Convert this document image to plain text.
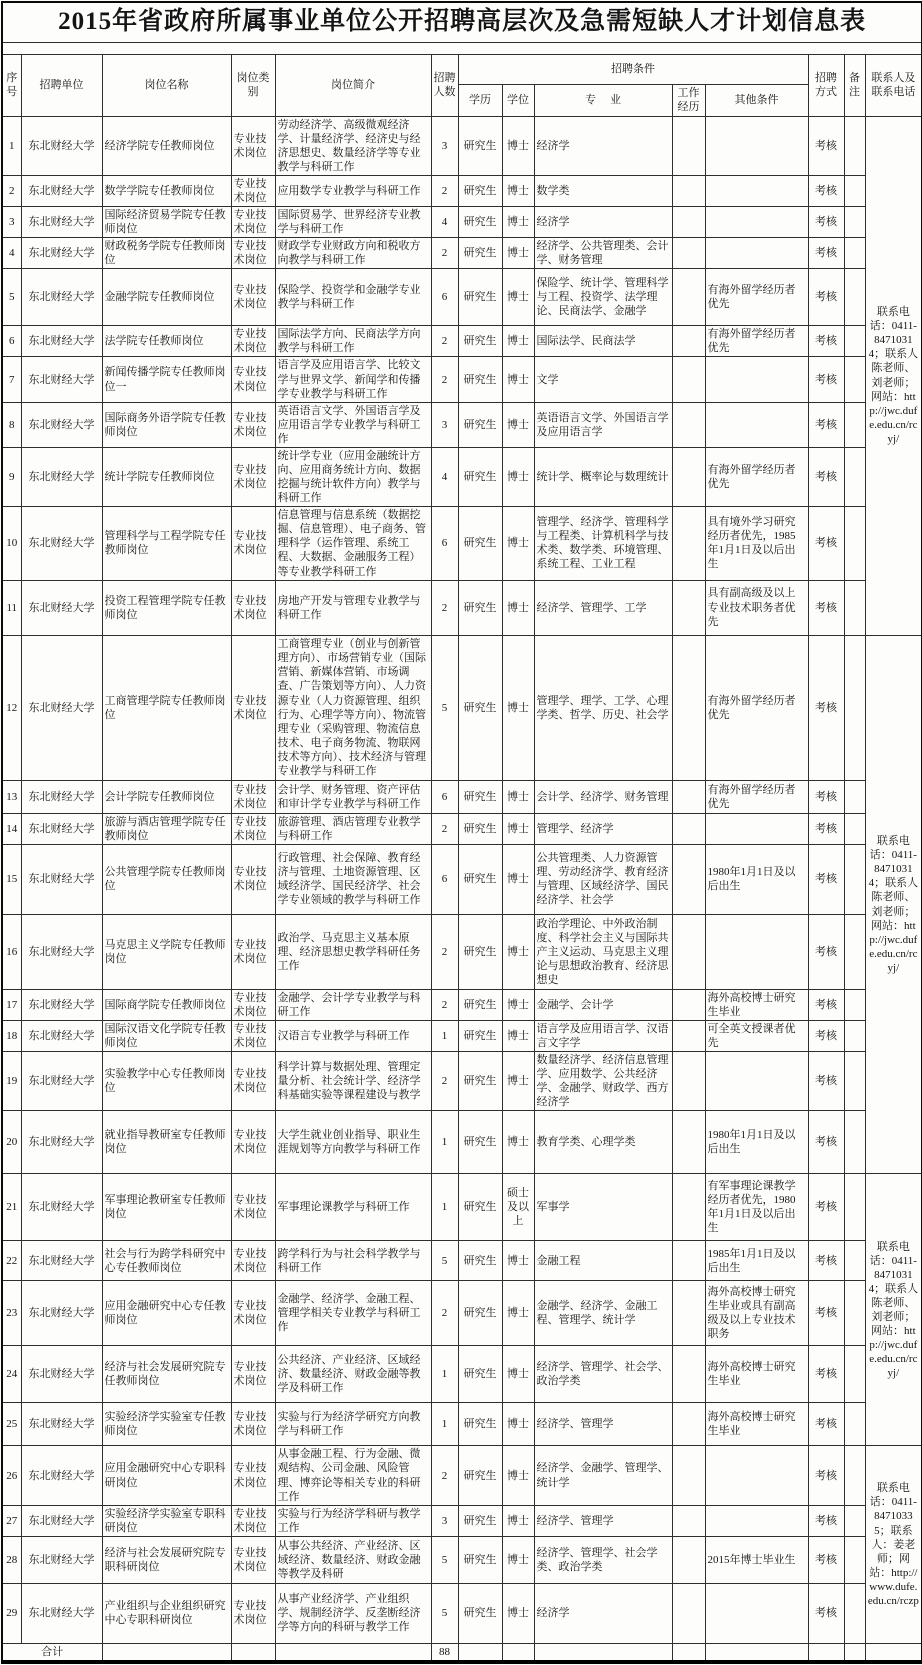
2015年省政府所属事业单位公开招聘高层次及急需短缺人才计划信息表													

序号	招聘单位	岗位名称	岗位类别	岗位简介	招聘人数	招聘条件					招聘方式	备注	联系人及联系电话
						学历	学位	专业	工作经历	其他条件			
1	东北财经大学	经济学院专任教师岗位	专业技术岗位	劳动经济学、高级微观经济学、计量经济学、经济史与经济思想史、数量经济学等专业教学与科研工作	3	研究生	博士	经济学			考核		联系电话：0411-84710314；联系人 陈老师、刘老师；网站：http://jwc.dufe.edu.cn/rcyj/
2	东北财经大学	数学学院专任教师岗位	专业技术岗位	应用数学专业教学与科研工作	2	研究生	博士	数学类			考核		
3	东北财经大学	国际经济贸易学院专任教师岗位	专业技术岗位	国际贸易学、世界经济专业教学与科研工作	4	研究生	博士	经济学			考核		
4	东北财经大学	财政税务学院专任教师岗位	专业技术岗位	财政学专业财政方向和税收方向教学与科研工作	2	研究生	博士	经济学、公共管理类、会计学、财务管理			考核		
5	东北财经大学	金融学院专任教师岗位	专业技术岗位	保险学、投资学和金融学专业教学与科研工作	6	研究生	博士	保险学、统计学、管理科学与工程、投资学、法学理论、民商法学、金融学		有海外留学经历者优先	考核		
6	东北财经大学	法学院专任教师岗位	专业技术岗位	国际法学方向、民商法学方向教学与科研工作	2	研究生	博士	国际法学、民商法学		有海外留学经历者优先	考核		
7	东北财经大学	新闻传播学院专任教师岗位一	专业技术岗位	语言学及应用语言学、比较文学与世界文学、新闻学和传播学专业教学与科研工作	2	研究生	博士	文学			考核		
8	东北财经大学	国际商务外语学院专任教师岗位	专业技术岗位	英语语言文学、外国语言学及应用语言学专业教学与科研工作	3	研究生	博士	英语语言文学、外国语言学及应用语言学			考核		
9	东北财经大学	统计学院专任教师岗位	专业技术岗位	统计学专业（应用金融统计方向、应用商务统计方向、数据挖掘与统计软件方向）教学与科研工作	4	研究生	博士	统计学、概率论与数理统计		有海外留学经历者优先	考核		
10	东北财经大学	管理科学与工程学院专任教师岗位	专业技术岗位	信息管理与信息系统（数据挖掘、信息管理）、电子商务、管理科学（运作管理、系统工程、大数据、金融服务工程）等专业教学科研工作	6	研究生	博士	管理学、经济学、管理科学与工程类、计算机科学与技术类、数学类、环境管理、系统工程、工业工程		具有境外学习研究经历者优先，1985年1月1日及以后出生	考核		
11	东北财经大学	投资工程管理学院专任教师岗位	专业技术岗位	房地产开发与管理专业教学与科研工作	2	研究生	博士	经济学、管理学、工学		具有副高级及以上专业技术职务者优先	考核		
12	东北财经大学	工商管理学院专任教师岗位	专业技术岗位	工商管理专业（创业与创新管理方向）、市场营销专业（国际营销、新媒体营销、市场调查、广告策划等方向）、人力资源专业（人力资源管理、组织行为、心理学等方向）、物流管理专业（采购管理、物流信息技术、电子商务物流、物联网技术等方向）、技术经济与管理专业教学与科研工作	5	研究生	博士	管理学、理学、工学、心理学类、哲学、历史、社会学		有海外留学经历者优先	考核		联系电话：0411-84710314；联系人 陈老师、刘老师；网站：http://jwc.dufe.edu.cn/rcyj/
13	东北财经大学	会计学院专任教师岗位	专业技术岗位	会计学、财务管理、资产评估和审计学专业教学与科研工作	6	研究生	博士	会计学、经济学、财务管理		有海外留学经历者优先	考核		
14	东北财经大学	旅游与酒店管理学院专任教师岗位	专业技术岗位	旅游管理、酒店管理专业教学与科研工作	2	研究生	博士	管理学、经济学			考核		
15	东北财经大学	公共管理学院专任教师岗位	专业技术岗位	行政管理、社会保障、教育经济与管理、土地资源管理、区域经济学、国民经济学、社会学专业领域的教学与科研工作	6	研究生	博士	公共管理类、人力资源管理、劳动经济学、教育经济与管理、区域经济学、国民经济学、社会学		1980年1月1日及以后出生	考核		
16	东北财经大学	马克思主义学院专任教师岗位	专业技术岗位	政治学、马克思主义基本原理、经济思想史教学科研任务工作	2	研究生	博士	政治学理论、中外政治制度、科学社会主义与国际共产主义运动、马克思主义理论与思想政治教育、经济思想史			考核		
17	东北财经大学	国际商学院专任教师岗位	专业技术岗位	金融学、会计学专业教学与科研工作	2	研究生	博士	金融学、会计学		海外高校博士研究生毕业	考核		
18	东北财经大学	国际汉语文化学院专任教师岗位	专业技术岗位	汉语言专业教学与科研工作	1	研究生	博士	语言学及应用语言学、汉语言文字学		可全英文授课者优先	考核		
19	东北财经大学	实验教学中心专任教师岗位	专业技术岗位	科学计算与数据处理、管理定量分析、社会统计学、经济学科基础实验等课程建设与教学	2	研究生	博士	数量经济学、经济信息管理学、应用数学、公共经济学、金融学、财政学、西方经济学			考核		
20	东北财经大学	就业指导教研室专任教师岗位	专业技术岗位	大学生就业创业指导、职业生涯规划等方向教学与科研工作	1	研究生	博士	教育学类、心理学类		1980年1月1日及以后出生	考核		
21	东北财经大学	军事理论教研室专任教师岗位	专业技术岗位	军事理论课教学与科研工作	1	研究生	硕士及以上	军事学		有军事理论课教学经历者优先，1980年1月1日及以后出生	考核		联系电话：0411-84710314；联系人 陈老师、刘老师；网站：http://jwc.dufe.edu.cn/rcyj/
22	东北财经大学	社会与行为跨学科研究中心专任教师岗位	专业技术岗位	跨学科行为与社会科学教学与科研工作	5	研究生	博士	金融工程		1985年1月1日及以后出生	考核		
23	东北财经大学	应用金融研究中心专任教师岗位	专业技术岗位	金融学、经济学、金融工程、管理学相关专业教学与科研工作	2	研究生	博士	金融学、经济学、金融工程、管理学、统计学		海外高校博士研究生毕业或具有副高级及以上专业技术职务	考核		
24	东北财经大学	经济与社会发展研究院专任教师岗位	专业技术岗位	公共经济、产业经济、区域经济、数量经济、财政金融等教学及科研工作	1	研究生	博士	经济学、管理学、社会学、政治学类		海外高校博士研究生毕业	考核		
25	东北财经大学	实验经济学实验室专任教师岗位	专业技术岗位	实验与行为经济学研究方向教学与科研工作	1	研究生	博士	经济学、管理学		海外高校博士研究生毕业	考核		
26	东北财经大学	应用金融研究中心专职科研岗位	专业技术岗位	从事金融工程、行为金融、微观结构、公司金融、风险管理、博弈论等相关专业的科研工作	2	研究生	博士	经济学、金融学、管理学、统计学			考核		联系电话：0411-84710335；联系人：姜老师；网站：http://www.dufe.edu.cn/rczp
27	东北财经大学	实验经济学实验室专职科研岗位	专业技术岗位	实验与行为经济学科研与教学工作	3	研究生	博士	经济学、管理学			考核		
28	东北财经大学	经济与社会发展研究院专职科研岗位	专业技术岗位	从事公共经济、产业经济、区域经济、数量经济、财政金融等教学及科研	5	研究生	博士	经济学、管理学、社会学类、政治学类		2015年博士毕业生	考核		
29	东北财经大学	产业组织与企业组织研究中心专职科研岗位	专业技术岗位	从事产业经济学、产业组织学、规制经济学、反垄断经济学等方向的科研与教学工作	5	研究生	博士	经济学			考核		
合计					88								
